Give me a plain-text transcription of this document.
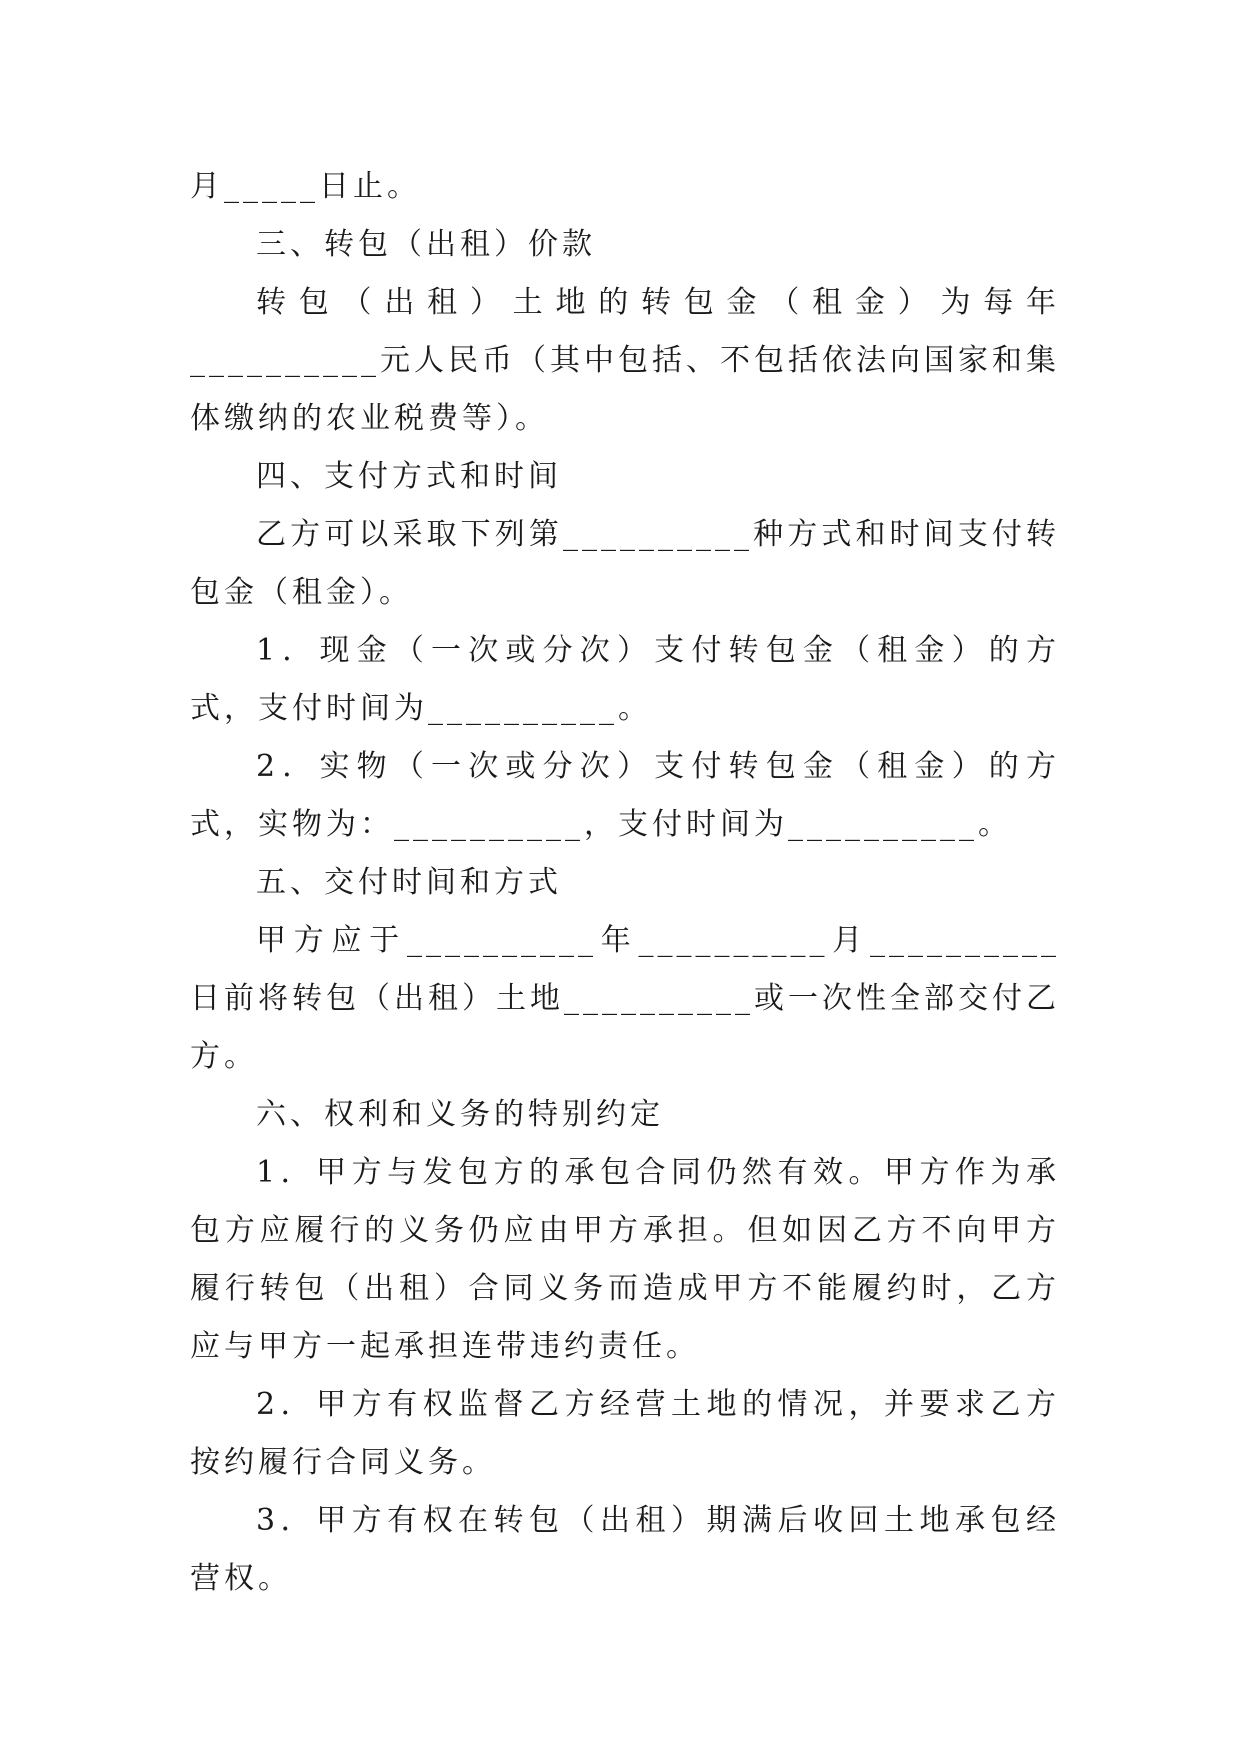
月_____日止。

三、转包（出租）价款

转包（出租）土地的转包金（租金）为每年__________元人民币（其中包括、不包括依法向国家和集体缴纳的农业税费等）。

四、支付方式和时间

乙方可以采取下列第__________种方式和时间支付转包金（租金）。

1．现金（一次或分次）支付转包金（租金）的方式，支付时间为__________。

2．实物（一次或分次）支付转包金（租金）的方式，实物为：__________，支付时间为__________。

五、交付时间和方式

甲方应于__________年__________月__________日前将转包（出租）土地__________或一次性全部交付乙方。

六、权利和义务的特别约定

1．甲方与发包方的承包合同仍然有效。甲方作为承包方应履行的义务仍应由甲方承担。但如因乙方不向甲方履行转包（出租）合同义务而造成甲方不能履约时，乙方应与甲方一起承担连带违约责任。

2．甲方有权监督乙方经营土地的情况，并要求乙方按约履行合同义务。

3．甲方有权在转包（出租）期满后收回土地承包经营权。
